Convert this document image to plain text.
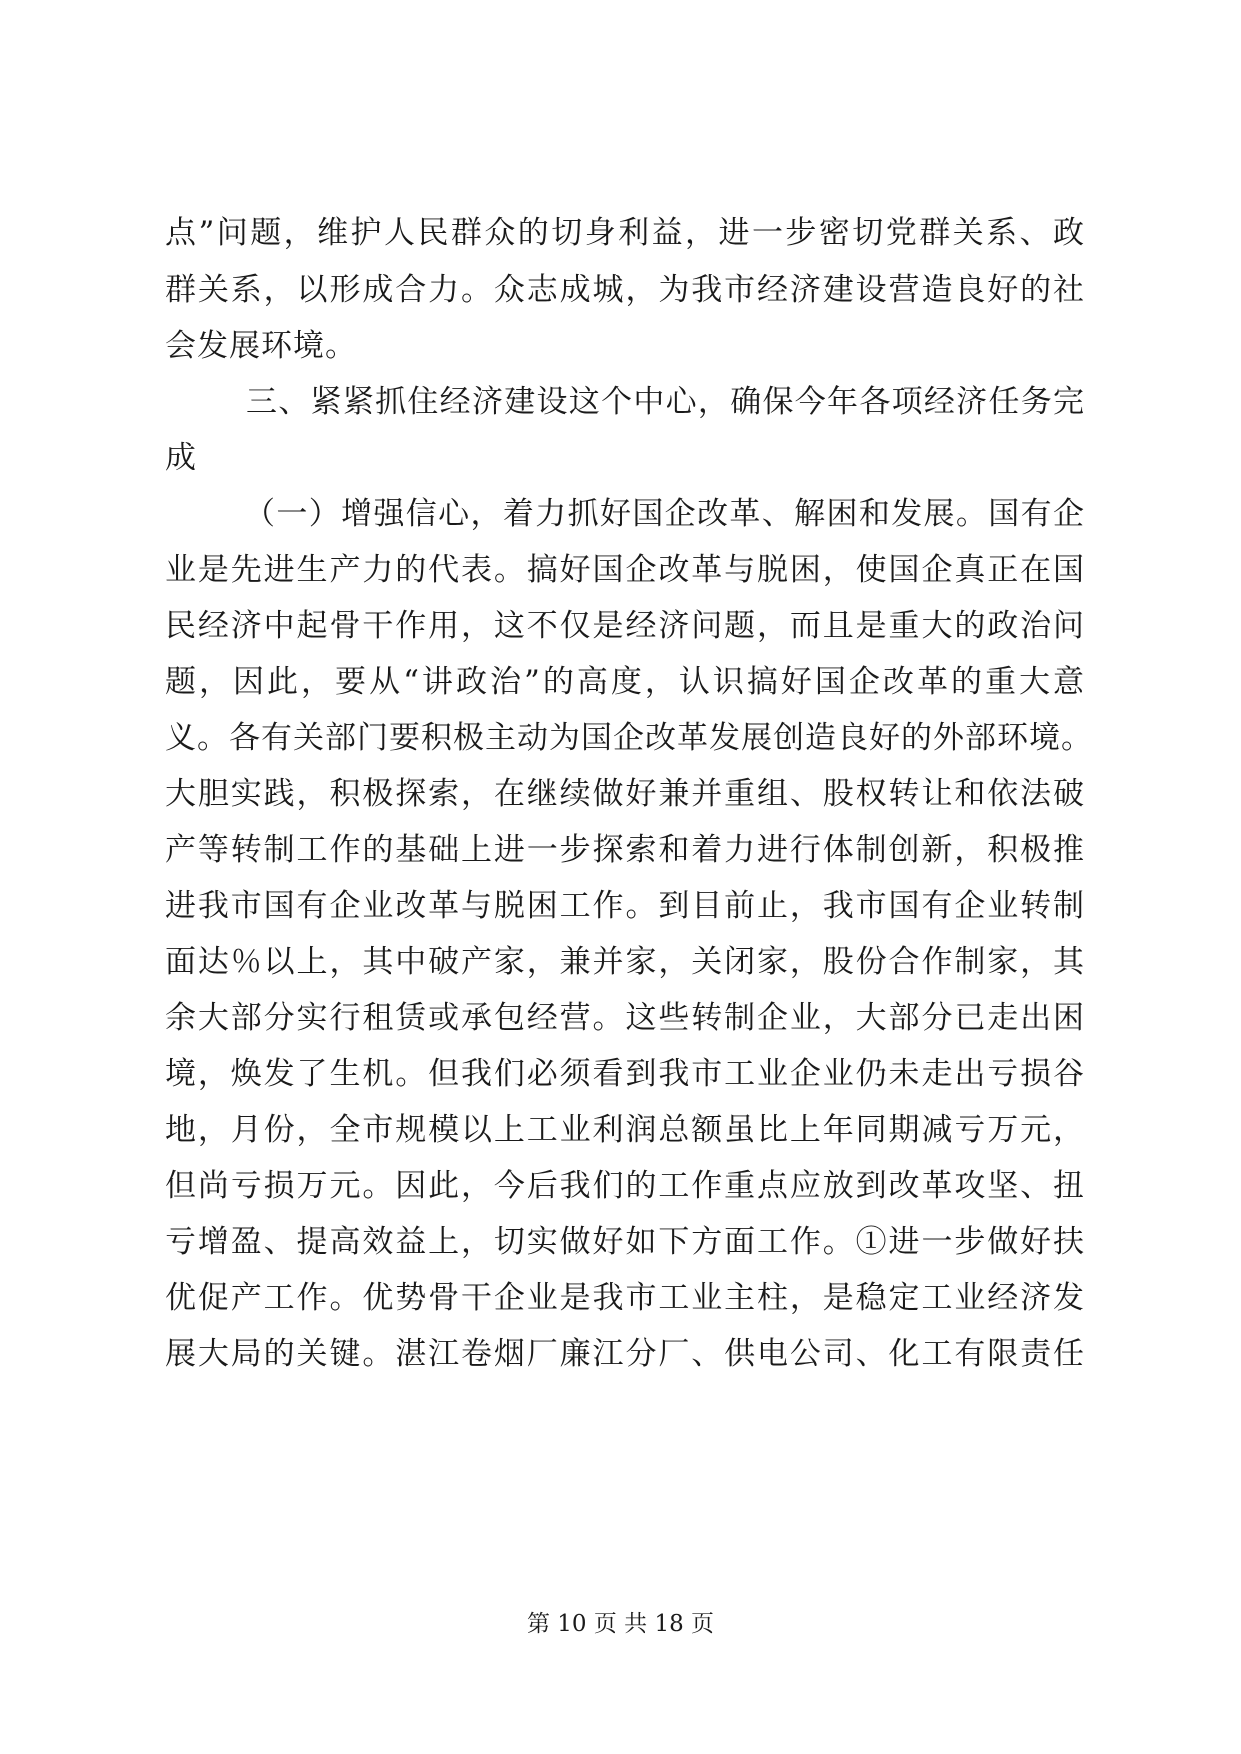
点”问题，维护人民群众的切身利益，进一步密切党群关系、政
群关系，以形成合力。众志成城，为我市经济建设营造良好的社
会发展环境。
三、紧紧抓住经济建设这个中心，确保今年各项经济任务完
成
（一）增强信心，着力抓好国企改革、解困和发展。国有企
业是先进生产力的代表。搞好国企改革与脱困，使国企真正在国
民经济中起骨干作用，这不仅是经济问题，而且是重大的政治问
题，因此，要从“讲政治”的高度，认识搞好国企改革的重大意
义。各有关部门要积极主动为国企改革发展创造良好的外部环境。
大胆实践，积极探索，在继续做好兼并重组、股权转让和依法破
产等转制工作的基础上进一步探索和着力进行体制创新，积极推
进我市国有企业改革与脱困工作。到目前止，我市国有企业转制
面达％以上，其中破产家，兼并家，关闭家，股份合作制家，其
余大部分实行租赁或承包经营。这些转制企业，大部分已走出困
境，焕发了生机。但我们必须看到我市工业企业仍未走出亏损谷
地，月份，全市规模以上工业利润总额虽比上年同期减亏万元，
但尚亏损万元。因此，今后我们的工作重点应放到改革攻坚、扭
亏增盈、提高效益上，切实做好如下方面工作。①进一步做好扶
优促产工作。优势骨干企业是我市工业主柱，是稳定工业经济发
展大局的关键。湛江卷烟厂廉江分厂、供电公司、化工有限责任
第 10 页 共 18 页
